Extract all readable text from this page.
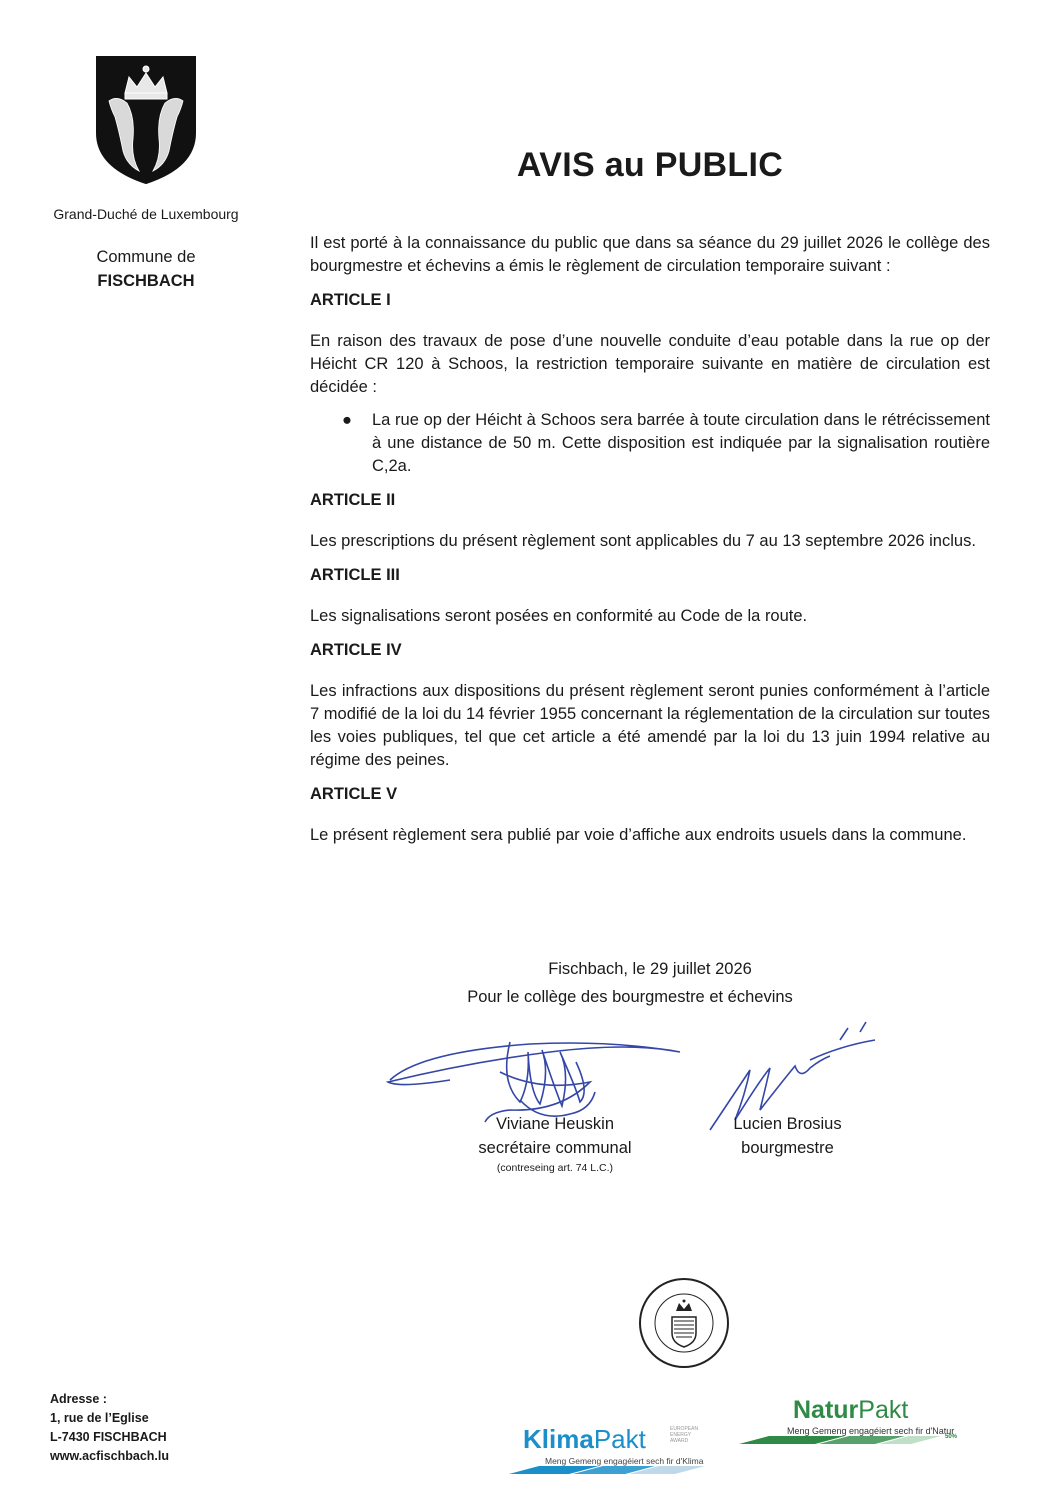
Grand-Duché de Luxembourg
Commune de
FISCHBACH
AVIS au PUBLIC

Il est porté à la connaissance du public que dans sa séance du 29 juillet 2026 le collège des bourgmestre et échevins a émis le règlement de circulation temporaire suivant :

ARTICLE I

En raison des travaux de pose d’une nouvelle conduite d’eau potable dans la rue op der Héicht CR 120 à Schoos, la restriction temporaire suivante en matière de circulation est décidée :

● La rue op der Héicht à Schoos sera barrée à toute circulation dans le rétrécissement à une distance de 50 m. Cette disposition est indiquée par la signalisation routière C,2a.

ARTICLE II

Les prescriptions du présent règlement sont applicables du 7 au 13 septembre 2026 inclus.

ARTICLE III

Les signalisations seront posées en conformité au Code de la route.

ARTICLE IV

Les infractions aux dispositions du présent règlement seront punies conformément à l’article 7 modifié de la loi du 14 février 1955 concernant la réglementation de la circulation sur toutes les voies publiques, tel que cet article a été amendé par la loi du 13 juin 1994 relative au régime des peines.

ARTICLE V

Le présent règlement sera publié par voie d’affiche aux endroits usuels dans la commune.

Fischbach, le 29 juillet 2026
Pour le collège des bourgmestre et échevins
Viviane Heuskin
secrétaire communal
(contreseing art. 74 L.C.)
Lucien Brosius
bourgmestre
Adresse :
1, rue de l’Eglise
L-7430 FISCHBACH
www.acfischbach.lu
KlimaPakt	EUROPEAN ENERGY AWARD
Meng Gemeng engagéiert sech fir d'Klima
NaturPakt
Meng Gemeng engagéiert sech fir d'Natur
50%
